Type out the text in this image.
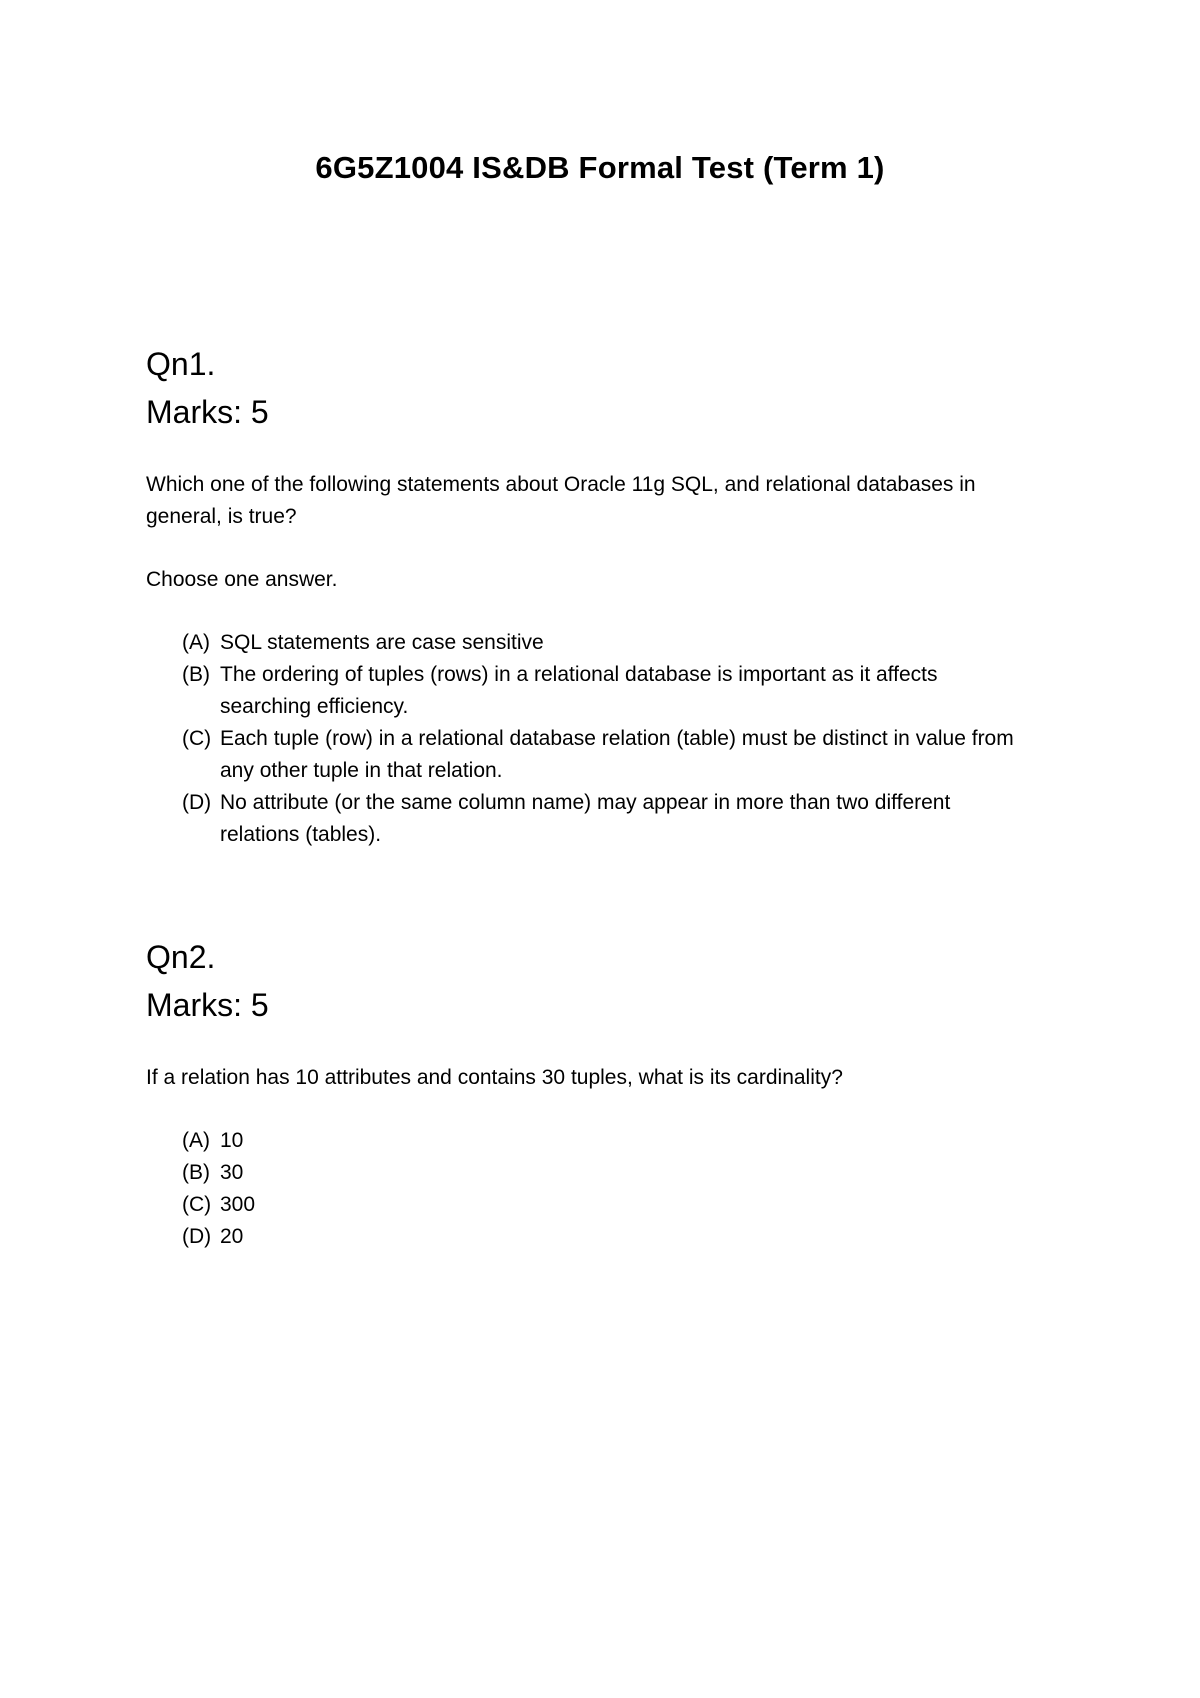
6G5Z1004 IS&DB Formal Test (Term 1)

Qn1.

Marks: 5

Which one of the following statements about Oracle 11g SQL, and relational databases in general, is true?

Choose one answer.

(A) SQL statements are case sensitive
(B) The ordering of tuples (rows) in a relational database is important as it affects searching efficiency.
(C) Each tuple (row) in a relational database relation (table) must be distinct in value from any other tuple in that relation.
(D) No attribute (or the same column name) may appear in more than two different relations (tables).

Qn2.

Marks: 5

If a relation has 10 attributes and contains 30 tuples, what is its cardinality?

(A) 10
(B) 30
(C) 300
(D) 20
